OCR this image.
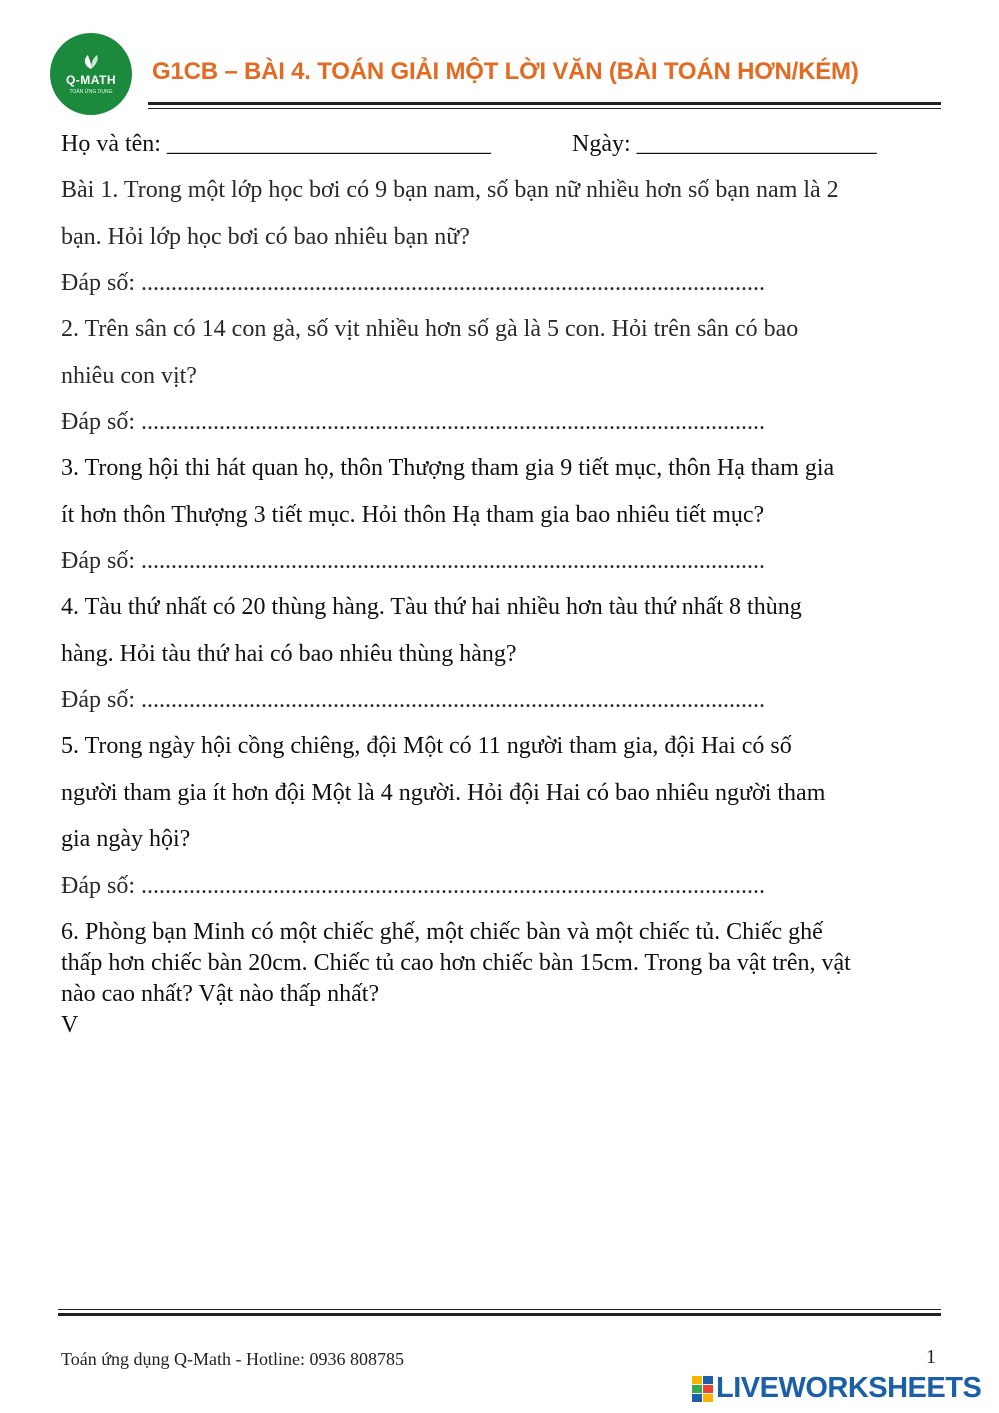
Q-MATH
TOÁN ỨNG DỤNG
G1CB – BÀI 4. TOÁN GIẢI MỘT LỜI VĂN (BÀI TOÁN HƠN/KÉM)
Họ và tên: ___________________________	Ngày: ____________________
Bài 1. Trong một lớp học bơi có 9 bạn nam, số bạn nữ nhiều hơn số bạn nam là 2
bạn. Hỏi lớp học bơi có bao nhiêu bạn nữ?
Đáp số: ........................................................................................................
2. Trên sân có 14 con gà, số vịt nhiều hơn số gà là 5 con. Hỏi trên sân có bao
nhiêu con vịt?
Đáp số: ........................................................................................................
3. Trong hội thi hát quan họ, thôn Thượng tham gia 9 tiết mục, thôn Hạ tham gia
ít hơn thôn Thượng 3 tiết mục. Hỏi thôn Hạ tham gia bao nhiêu tiết mục?
Đáp số: ........................................................................................................
4. Tàu thứ nhất có 20 thùng hàng. Tàu thứ hai nhiều hơn tàu thứ nhất 8 thùng
hàng. Hỏi tàu thứ hai có bao nhiêu thùng hàng?
Đáp số: ........................................................................................................
5. Trong ngày hội cồng chiêng, đội Một có 11 người tham gia, đội Hai có số
người tham gia ít hơn đội Một là 4 người. Hỏi đội Hai có bao nhiêu người tham
gia ngày hội?
Đáp số: ........................................................................................................
6. Phòng bạn Minh có một chiếc ghế, một chiếc bàn và một chiếc tủ. Chiếc ghế
thấp hơn chiếc bàn 20cm. Chiếc tủ cao hơn chiếc bàn 15cm. Trong ba vật trên, vật
nào cao nhất? Vật nào thấp nhất?
V
Toán ứng dụng Q-Math - Hotline: 0936 808785	1
LIVEWORKSHEETS
